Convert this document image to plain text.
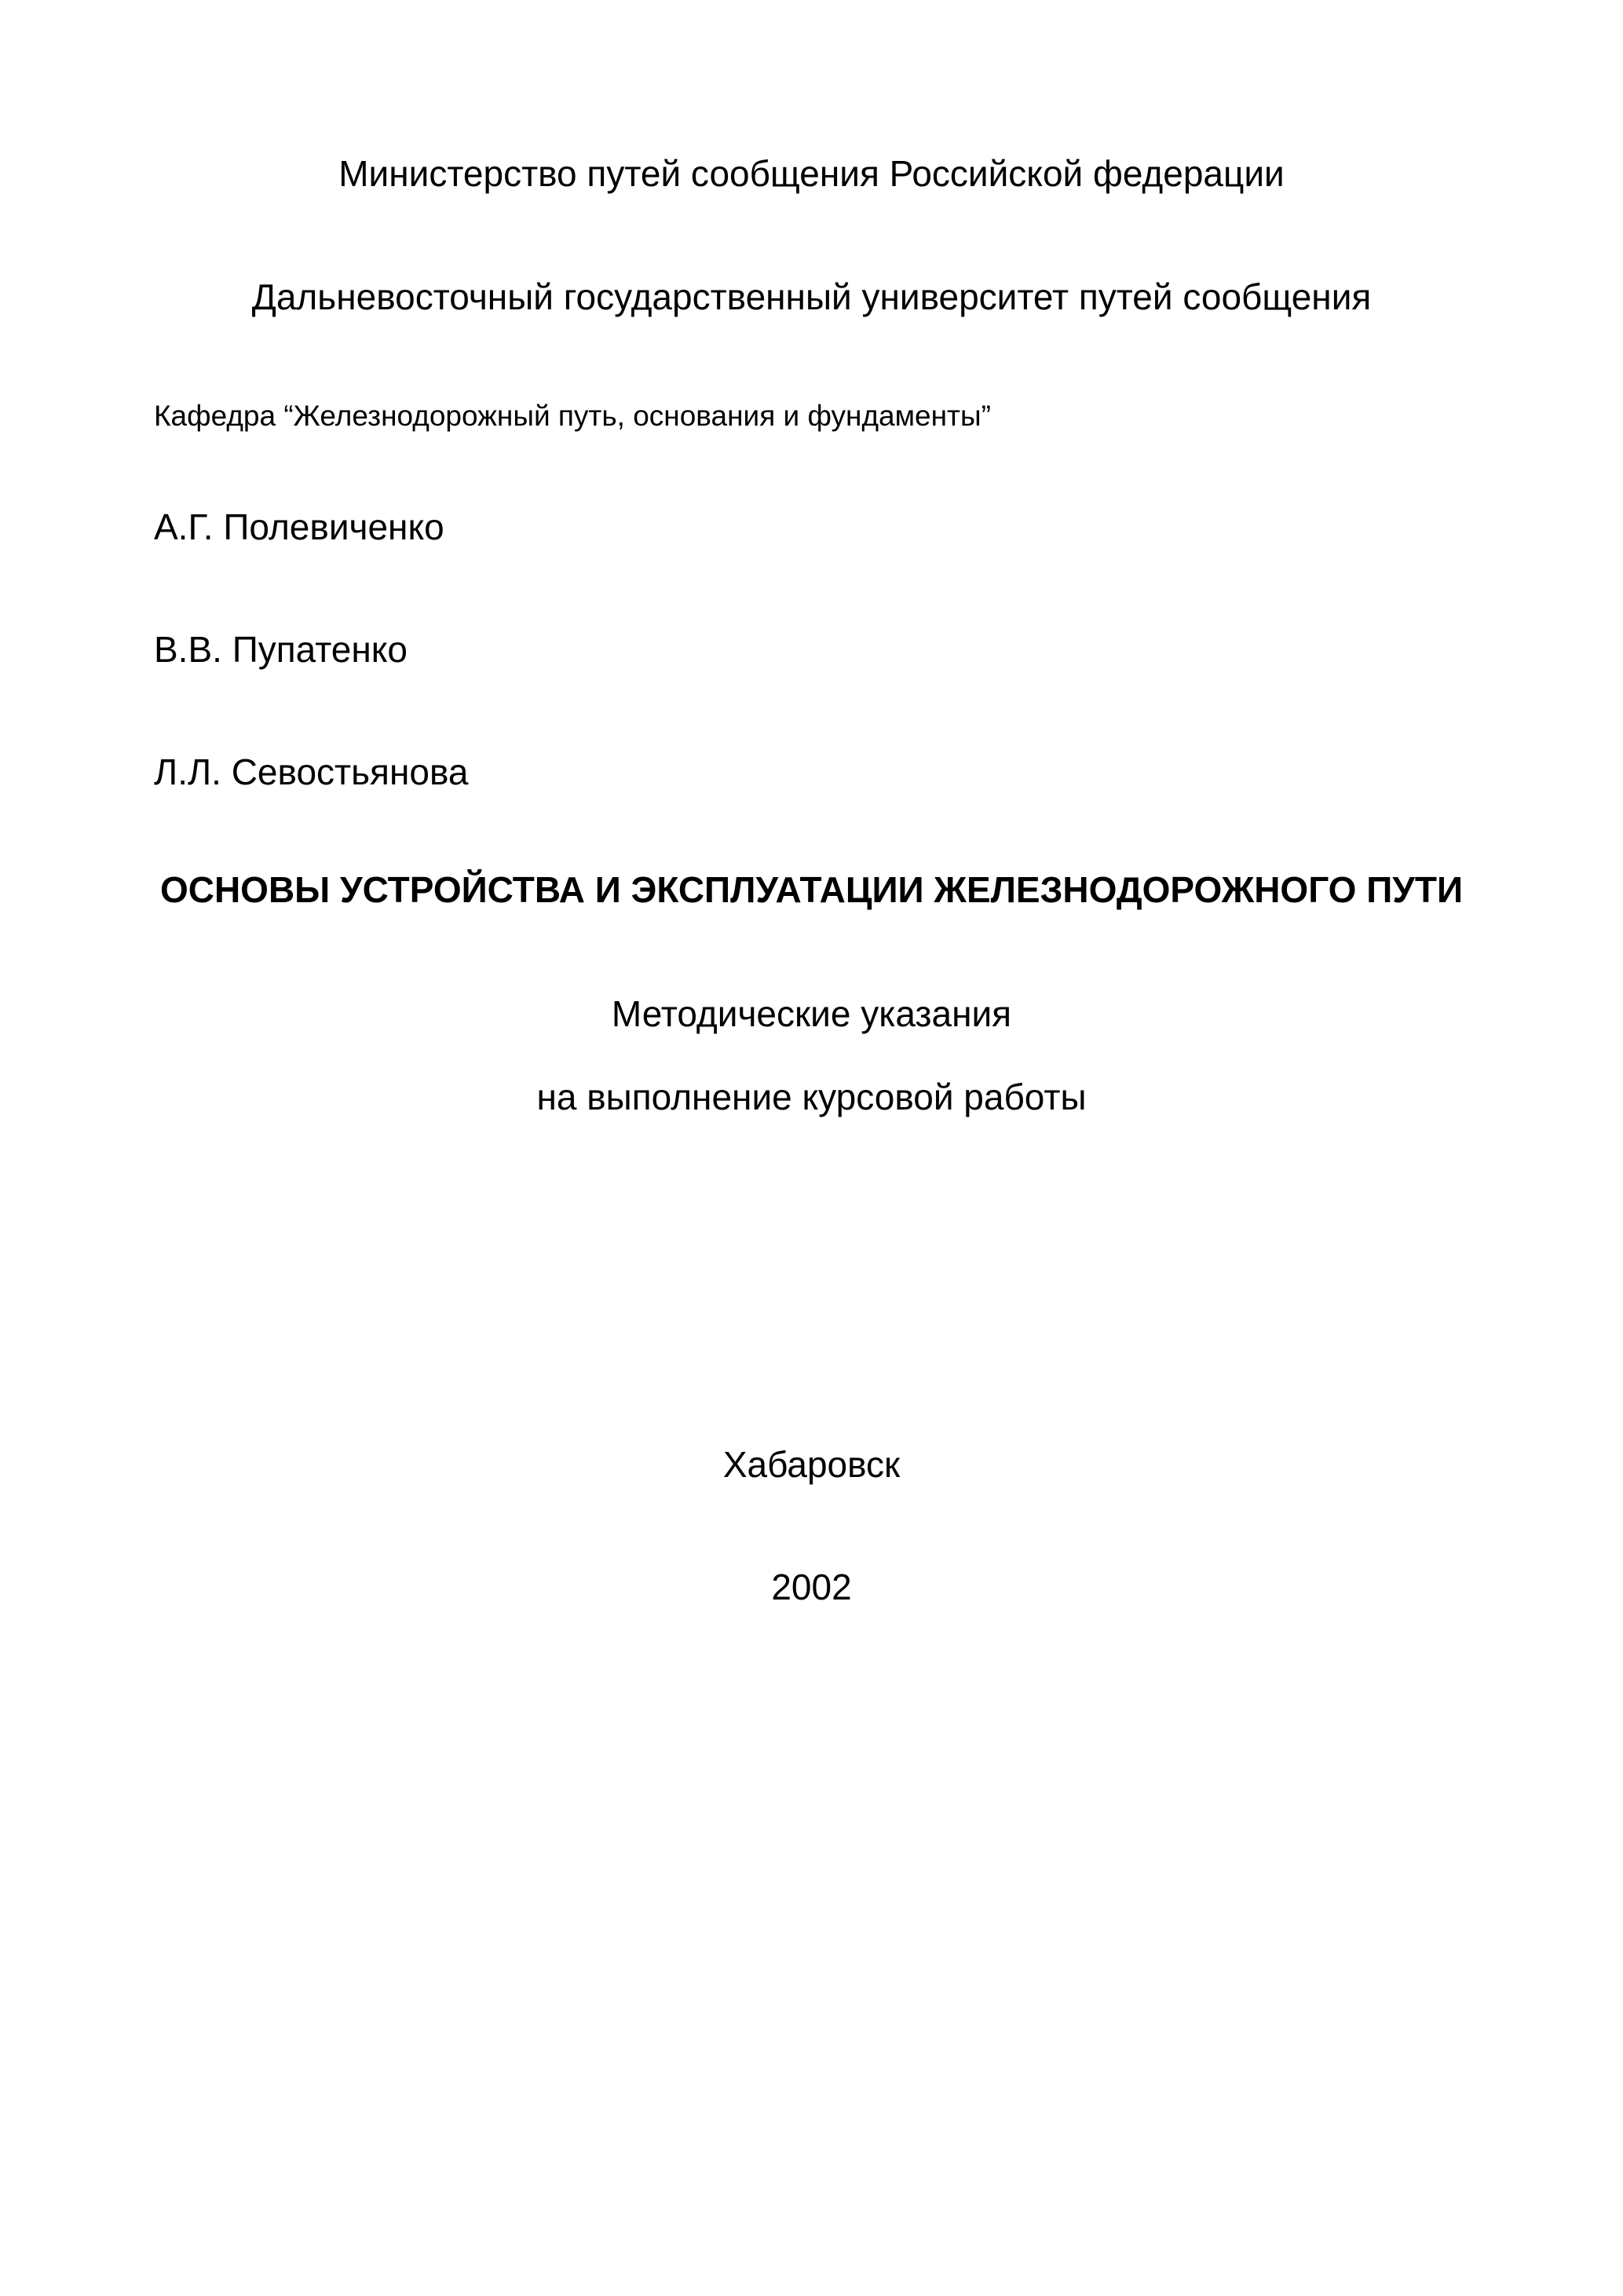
Министерство путей сообщения Российской федерации
Дальневосточный государственный университет путей сообщения
Кафедра “Железнодорожный путь, основания и фундаменты”
А.Г. Полевиченко
В.В. Пупатенко
Л.Л. Севостьянова
ОСНОВЫ УСТРОЙСТВА И ЭКСПЛУАТАЦИИ ЖЕЛЕЗНОДОРОЖНОГО ПУТИ
Методические указания
на выполнение курсовой работы
Хабаровск
2002
